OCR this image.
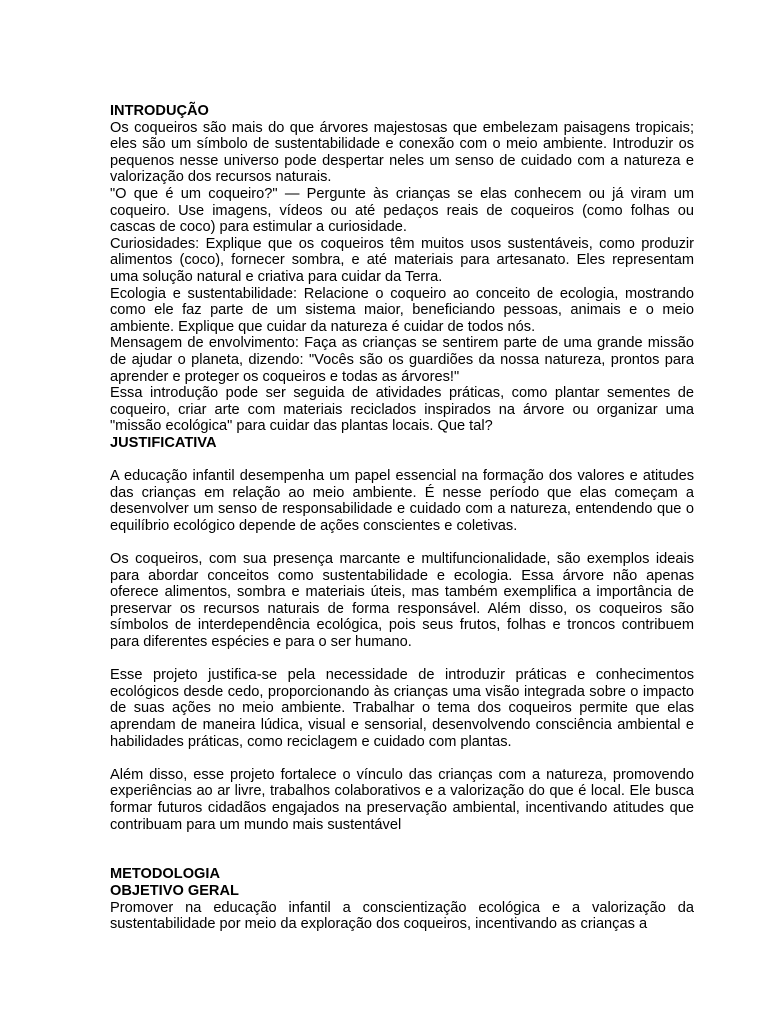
INTRODUÇÃO

Os coqueiros são mais do que árvores majestosas que embelezam paisagens tropicais; eles são um símbolo de sustentabilidade e conexão com o meio ambiente. Introduzir os pequenos nesse universo pode despertar neles um senso de cuidado com a natureza e valorização dos recursos naturais.

"O que é um coqueiro?" — Pergunte às crianças se elas conhecem ou já viram um coqueiro. Use imagens, vídeos ou até pedaços reais de coqueiros (como folhas ou cascas de coco) para estimular a curiosidade.

Curiosidades: Explique que os coqueiros têm muitos usos sustentáveis, como produzir alimentos (coco), fornecer sombra, e até materiais para artesanato. Eles representam uma solução natural e criativa para cuidar da Terra.

Ecologia e sustentabilidade: Relacione o coqueiro ao conceito de ecologia, mostrando como ele faz parte de um sistema maior, beneficiando pessoas, animais e o meio ambiente. Explique que cuidar da natureza é cuidar de todos nós.

Mensagem de envolvimento: Faça as crianças se sentirem parte de uma grande missão de ajudar o planeta, dizendo: "Vocês são os guardiões da nossa natureza, prontos para aprender e proteger os coqueiros e todas as árvores!"

Essa introdução pode ser seguida de atividades práticas, como plantar sementes de coqueiro, criar arte com materiais reciclados inspirados na árvore ou organizar uma "missão ecológica" para cuidar das plantas locais. Que tal?

JUSTIFICATIVA

A educação infantil desempenha um papel essencial na formação dos valores e atitudes das crianças em relação ao meio ambiente. É nesse período que elas começam a desenvolver um senso de responsabilidade e cuidado com a natureza, entendendo que o equilíbrio ecológico depende de ações conscientes e coletivas.

Os coqueiros, com sua presença marcante e multifuncionalidade, são exemplos ideais para abordar conceitos como sustentabilidade e ecologia. Essa árvore não apenas oferece alimentos, sombra e materiais úteis, mas também exemplifica a importância de preservar os recursos naturais de forma responsável. Além disso, os coqueiros são símbolos de interdependência ecológica, pois seus frutos, folhas e troncos contribuem para diferentes espécies e para o ser humano.

Esse projeto justifica-se pela necessidade de introduzir práticas e conhecimentos ecológicos desde cedo, proporcionando às crianças uma visão integrada sobre o impacto de suas ações no meio ambiente. Trabalhar o tema dos coqueiros permite que elas aprendam de maneira lúdica, visual e sensorial, desenvolvendo consciência ambiental e habilidades práticas, como reciclagem e cuidado com plantas.

Além disso, esse projeto fortalece o vínculo das crianças com a natureza, promovendo experiências ao ar livre, trabalhos colaborativos e a valorização do que é local. Ele busca formar futuros cidadãos engajados na preservação ambiental, incentivando atitudes que contribuam para um mundo mais sustentável

METODOLOGIA
OBJETIVO GERAL

Promover na educação infantil a conscientização ecológica e a valorização da sustentabilidade por meio da exploração dos coqueiros, incentivando as crianças a
